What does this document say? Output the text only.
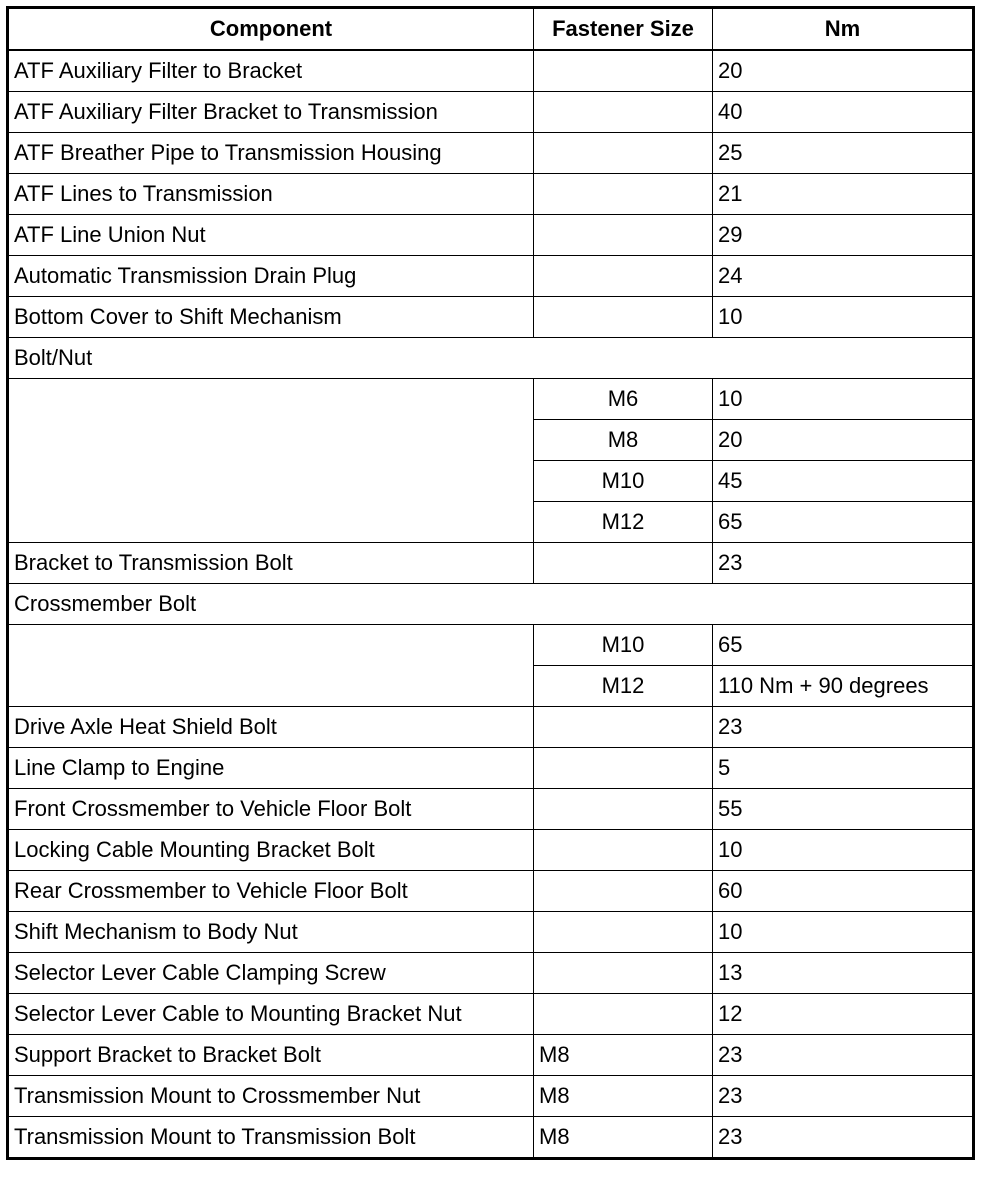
Component	Fastener Size	Nm
ATF Auxiliary Filter to Bracket		20
ATF Auxiliary Filter Bracket to Transmission		40
ATF Breather Pipe to Transmission Housing		25
ATF Lines to Transmission		21
ATF Line Union Nut		29
Automatic Transmission Drain Plug		24
Bottom Cover to Shift Mechanism		10
Bolt/Nut		
	M6	10
	M8	20
	M10	45
	M12	65
Bracket to Transmission Bolt		23
Crossmember Bolt		
	M10	65
	M12	110 Nm + 90 degrees
Drive Axle Heat Shield Bolt		23
Line Clamp to Engine		5
Front Crossmember to Vehicle Floor Bolt		55
Locking Cable Mounting Bracket Bolt		10
Rear Crossmember to Vehicle Floor Bolt		60
Shift Mechanism to Body Nut		10
Selector Lever Cable Clamping Screw		13
Selector Lever Cable to Mounting Bracket Nut		12
Support Bracket to Bracket Bolt	M8	23
Transmission Mount to Crossmember Nut	M8	23
Transmission Mount to Transmission Bolt	M8	23
